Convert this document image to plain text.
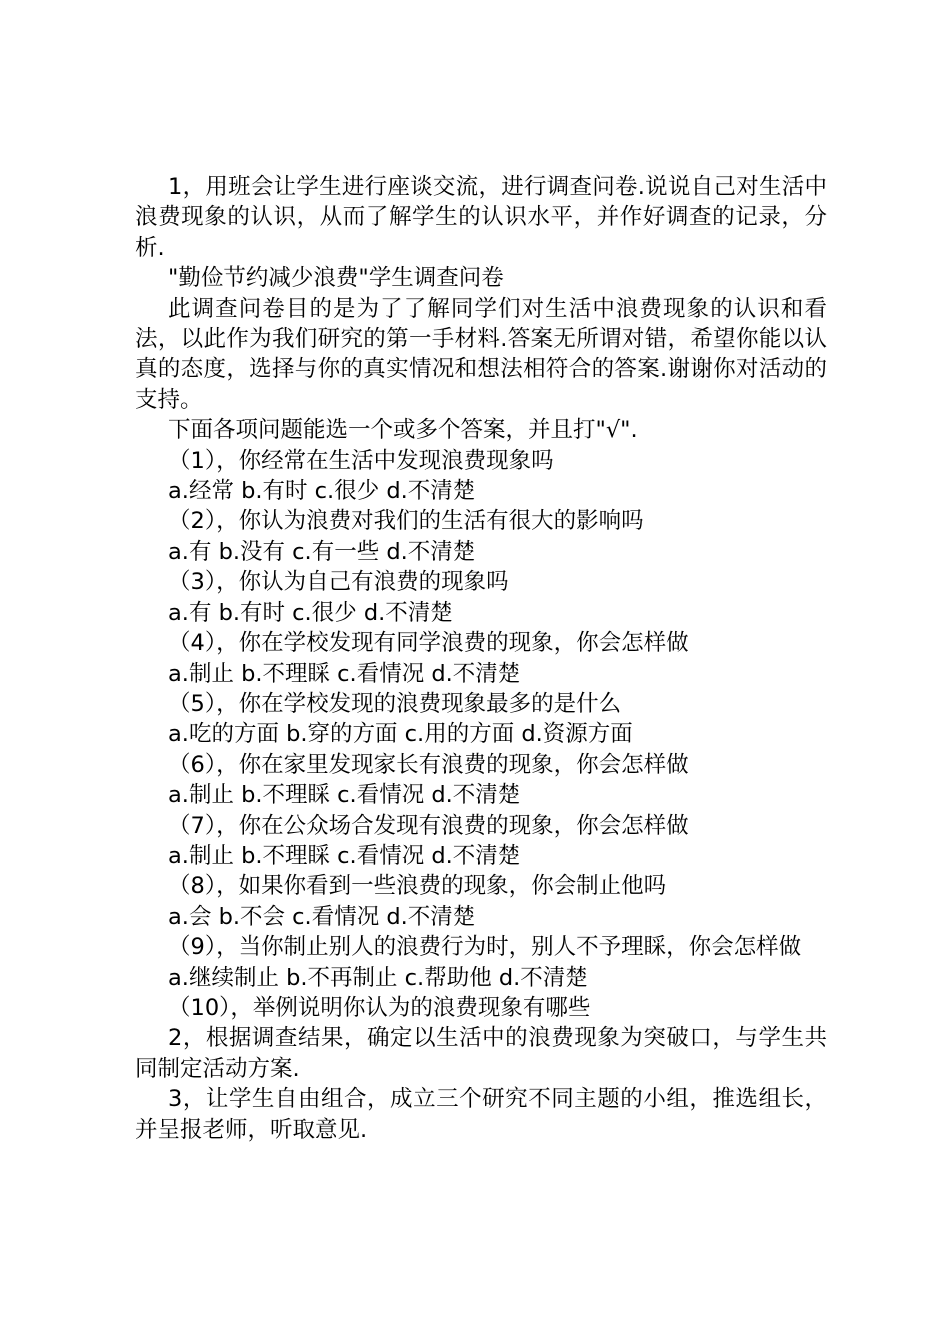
1，用班会让学生进行座谈交流，进行调查问卷.说说自己对生活中浪费现象的认识，从而了解学生的认识水平，并作好调查的记录，分析.

"勤俭节约减少浪费"学生调查问卷

此调查问卷目的是为了了解同学们对生活中浪费现象的认识和看法，以此作为我们研究的第一手材料.答案无所谓对错，希望你能以认真的态度，选择与你的真实情况和想法相符合的答案.谢谢你对活动的支持。

下面各项问题能选一个或多个答案，并且打"√".

（1），你经常在生活中发现浪费现象吗

a.经常 b.有时 c.很少 d.不清楚

（2），你认为浪费对我们的生活有很大的影响吗

a.有 b.没有 c.有一些 d.不清楚

（3），你认为自己有浪费的现象吗

a.有 b.有时 c.很少 d.不清楚

（4），你在学校发现有同学浪费的现象，你会怎样做

a.制止 b.不理睬 c.看情况 d.不清楚

（5），你在学校发现的浪费现象最多的是什么

a.吃的方面 b.穿的方面 c.用的方面 d.资源方面

（6），你在家里发现家长有浪费的现象，你会怎样做

a.制止 b.不理睬 c.看情况 d.不清楚

（7），你在公众场合发现有浪费的现象，你会怎样做

a.制止 b.不理睬 c.看情况 d.不清楚

（8），如果你看到一些浪费的现象，你会制止他吗

a.会 b.不会 c.看情况 d.不清楚

（9），当你制止别人的浪费行为时，别人不予理睬，你会怎样做

a.继续制止 b.不再制止 c.帮助他 d.不清楚

（10），举例说明你认为的浪费现象有哪些

2，根据调查结果，确定以生活中的浪费现象为突破口，与学生共同制定活动方案.

3，让学生自由组合，成立三个研究不同主题的小组，推选组长，并呈报老师，听取意见.
